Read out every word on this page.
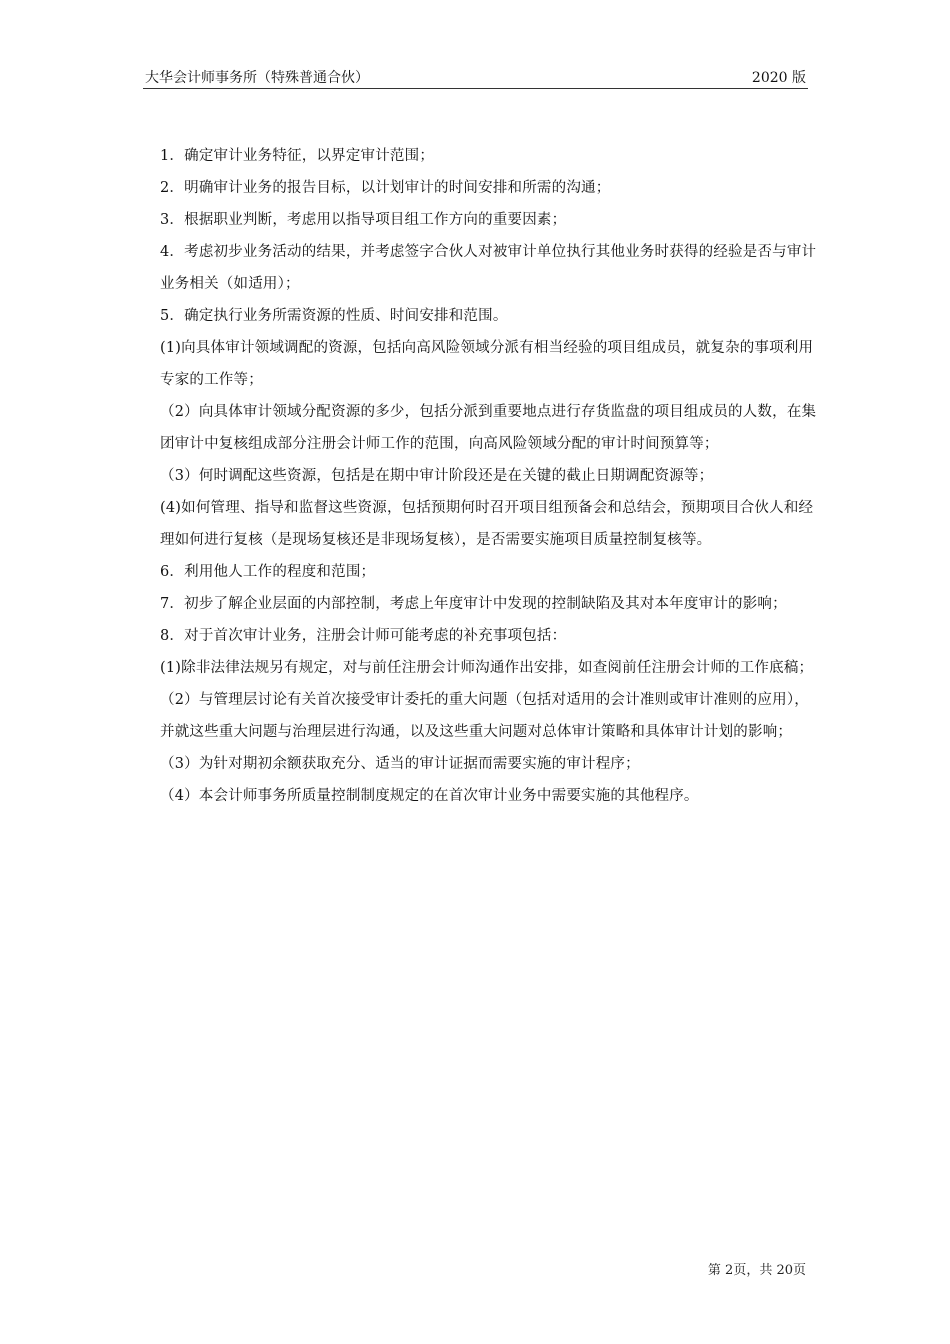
大华会计师事务所（特殊普通合伙）	2020 版

1．确定审计业务特征，以界定审计范围；

2．明确审计业务的报告目标，以计划审计的时间安排和所需的沟通；

3．根据职业判断，考虑用以指导项目组工作方向的重要因素；

4．考虑初步业务活动的结果，并考虑签字合伙人对被审计单位执行其他业务时获得的经验是否与审计业务相关（如适用）；

5．确定执行业务所需资源的性质、时间安排和范围。

(1)向具体审计领域调配的资源，包括向高风险领域分派有相当经验的项目组成员，就复杂的事项利用专家的工作等；

（2）向具体审计领域分配资源的多少，包括分派到重要地点进行存货监盘的项目组成员的人数，在集团审计中复核组成部分注册会计师工作的范围，向高风险领域分配的审计时间预算等；

（3）何时调配这些资源，包括是在期中审计阶段还是在关键的截止日期调配资源等；

(4)如何管理、指导和监督这些资源，包括预期何时召开项目组预备会和总结会，预期项目合伙人和经理如何进行复核（是现场复核还是非现场复核），是否需要实施项目质量控制复核等。

6．利用他人工作的程度和范围；

7．初步了解企业层面的内部控制，考虑上年度审计中发现的控制缺陷及其对本年度审计的影响；

8．对于首次审计业务，注册会计师可能考虑的补充事项包括：

(1)除非法律法规另有规定，对与前任注册会计师沟通作出安排，如查阅前任注册会计师的工作底稿；

（2）与管理层讨论有关首次接受审计委托的重大问题（包括对适用的会计准则或审计准则的应用），并就这些重大问题与治理层进行沟通，以及这些重大问题对总体审计策略和具体审计计划的影响；

（3）为针对期初余额获取充分、适当的审计证据而需要实施的审计程序；

（4）本会计师事务所质量控制制度规定的在首次审计业务中需要实施的其他程序。

第 2页，共 20页
